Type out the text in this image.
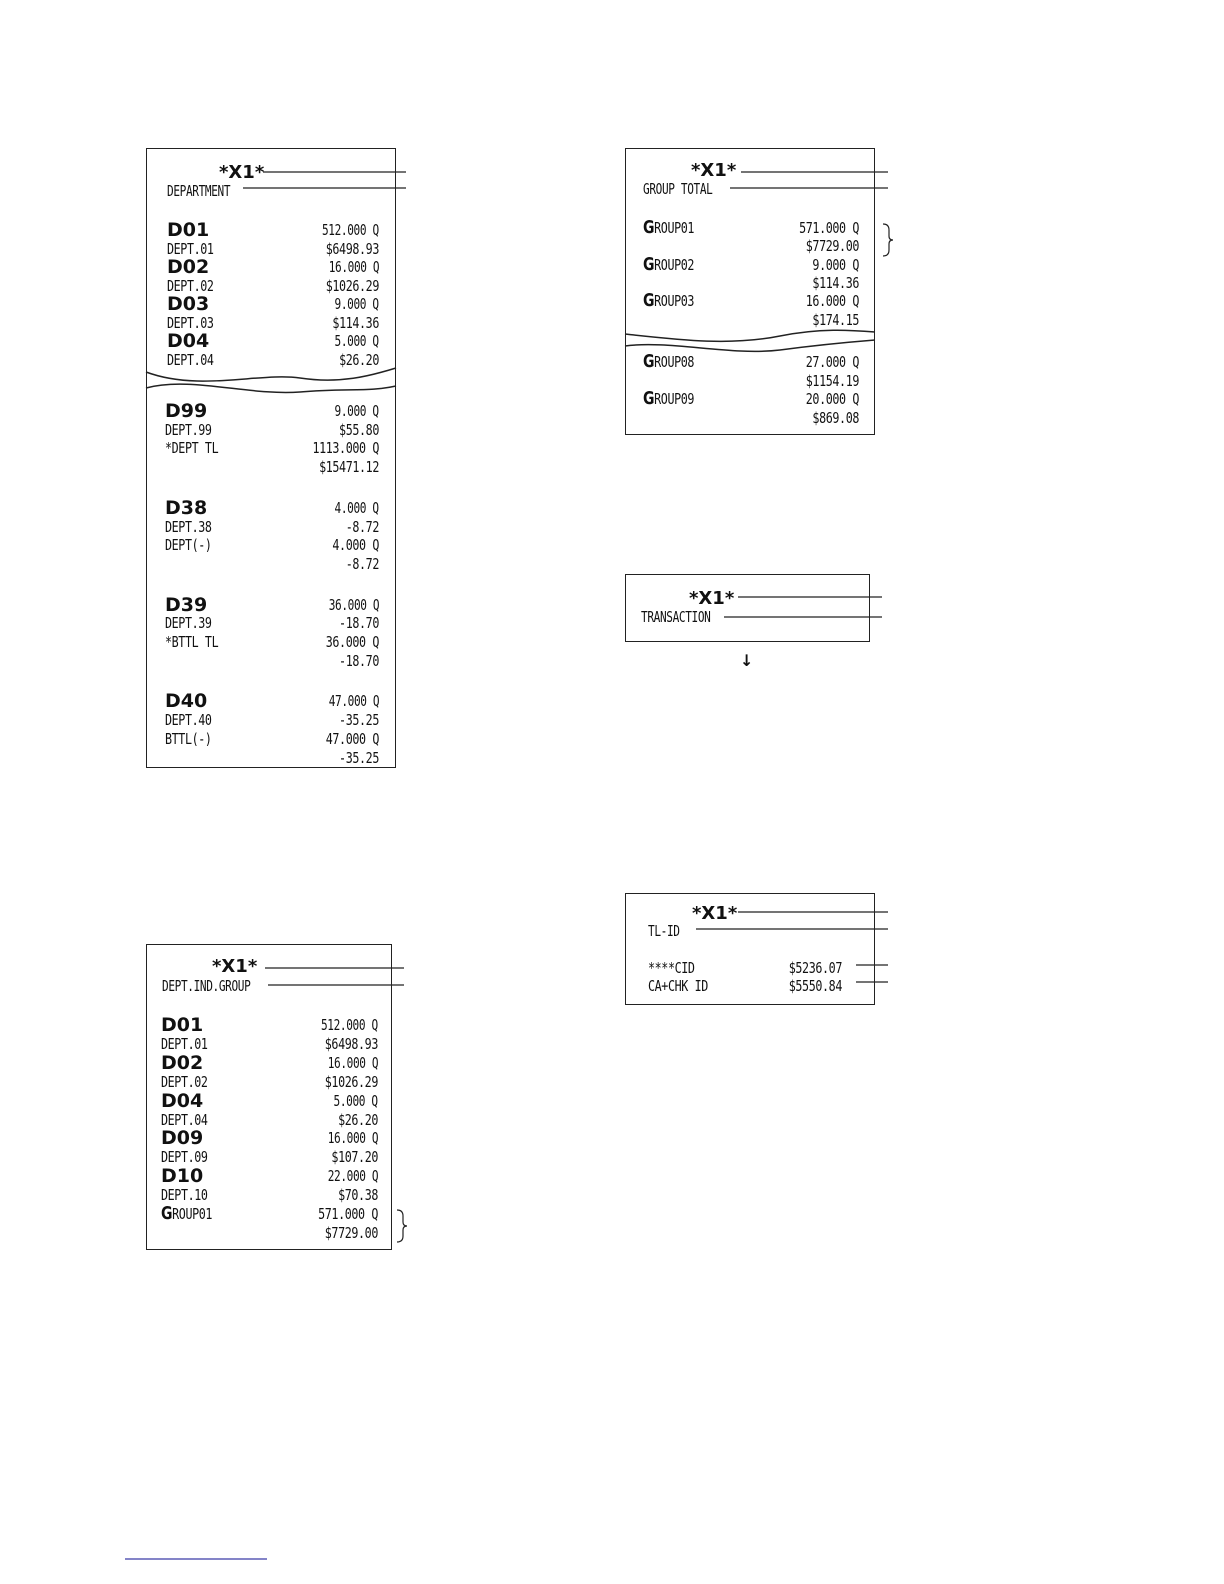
*X1*
DEPARTMENT
D01	512.000 Q
DEPT.01	$6498.93
D02	16.000 Q
DEPT.02	$1026.29
D03	9.000 Q
DEPT.03	$114.36
D04	5.000 Q
DEPT.04	$26.20
D99	9.000 Q
DEPT.99	$55.80
*DEPT TL	1113.000 Q
$15471.12
D38	4.000 Q
DEPT.38	-8.72
DEPT(-)	4.000 Q
-8.72
D39	36.000 Q
DEPT.39	-18.70
*BTTL TL	36.000 Q
-18.70
D40	47.000 Q
DEPT.40	-35.25
BTTL(-)	47.000 Q
-35.25
*X1*
GROUP TOTAL
GROUP01	571.000 Q
$7729.00
GROUP02	9.000 Q
$114.36
GROUP03	16.000 Q
$174.15
GROUP08	27.000 Q
$1154.19
GROUP09	20.000 Q
$869.08
*X1*
TRANSACTION
↓
*X1*
TL-ID
****CID	$5236.07
CA+CHK ID	$5550.84
*X1*
DEPT.IND.GROUP
D01	512.000 Q
DEPT.01	$6498.93
D02	16.000 Q
DEPT.02	$1026.29
D04	5.000 Q
DEPT.04	$26.20
D09	16.000 Q
DEPT.09	$107.20
D10	22.000 Q
DEPT.10	$70.38
GROUP01	571.000 Q
$7729.00
